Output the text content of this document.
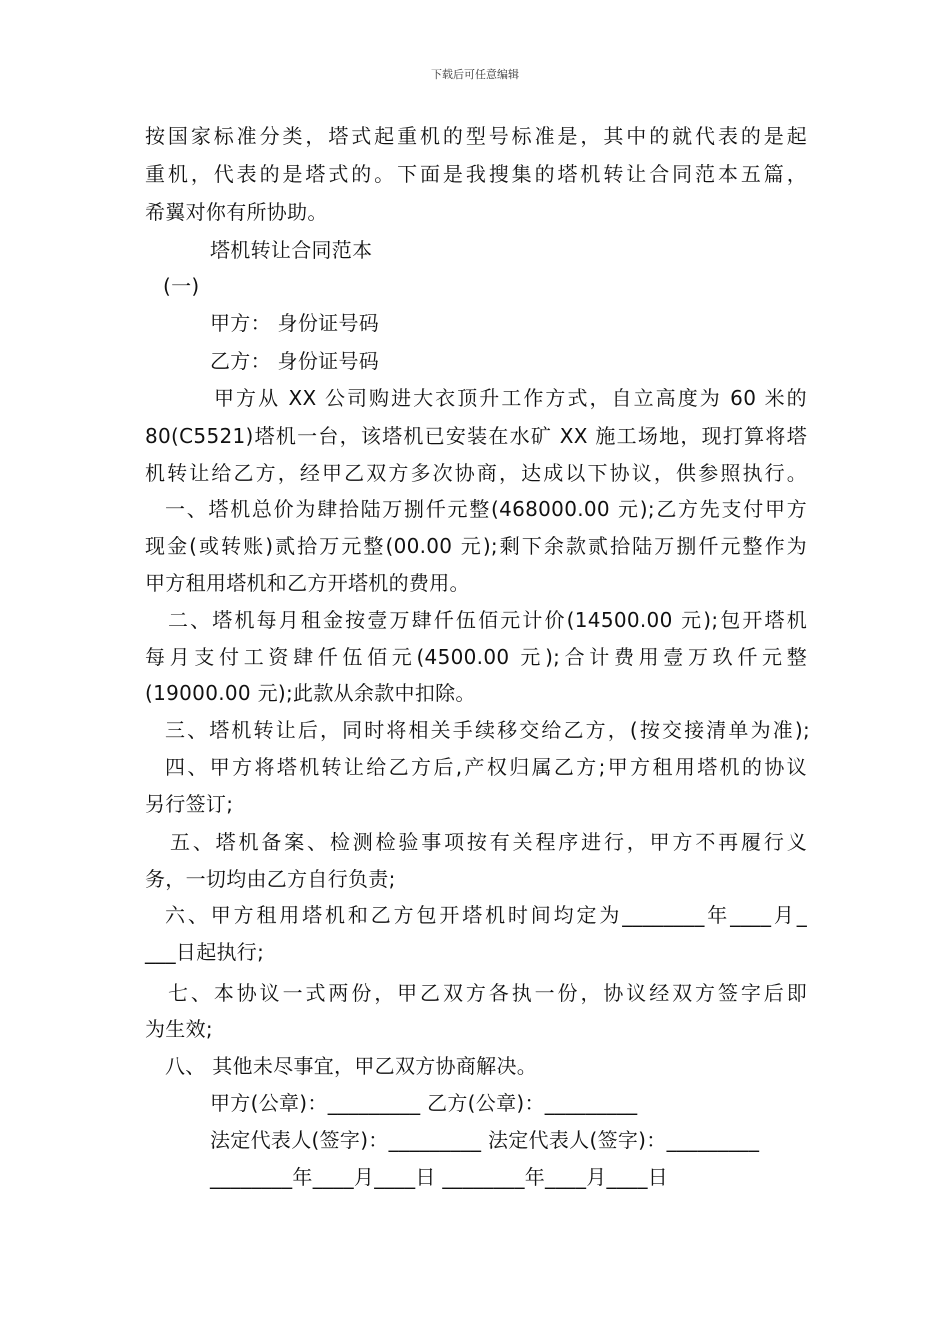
下载后可任意编辑
按国家标准分类，塔式起重机的型号标准是，其中的就代表的是起
重机，代表的是塔式的。下面是我搜集的塔机转让合同范本五篇，
希翼对你有所协助。
塔机转让合同范本
(一)
甲方： 身份证号码
乙方： 身份证号码
甲方从 XX 公司购进大衣顶升工作方式，自立高度为 60 米的
80(C5521)塔机一台，该塔机已安装在水矿 XX 施工场地，现打算将塔
机转让给乙方，经甲乙双方多次协商，达成以下协议，供参照执行。
一、塔机总价为肆拾陆万捌仟元整(468000.00 元);乙方先支付甲方
现金(或转账)贰拾万元整(00.00 元);剩下余款贰拾陆万捌仟元整作为
甲方租用塔机和乙方开塔机的费用。
二、塔机每月租金按壹万肆仟伍佰元计价(14500.00 元);包开塔机
每月支付工资肆仟伍佰元(4500.00 元);合计费用壹万玖仟元整
(19000.00 元);此款从余款中扣除。
三、塔机转让后，同时将相关手续移交给乙方，(按交接清单为准);
四、甲方将塔机转让给乙方后,产权归属乙方;甲方租用塔机的协议
另行签订;
五、塔机备案、检测检验事项按有关程序进行，甲方不再履行义
务，一切均由乙方自行负责;
六、甲方租用塔机和乙方包开塔机时间均定为________年____月_
___日起执行;
七、本协议一式两份，甲乙双方各执一份，协议经双方签字后即
为生效;
八、 其他未尽事宜，甲乙双方协商解决。
甲方(公章)：_________ 乙方(公章)：_________
法定代表人(签字)：_________ 法定代表人(签字)：_________
________年____月____日 ________年____月____日
